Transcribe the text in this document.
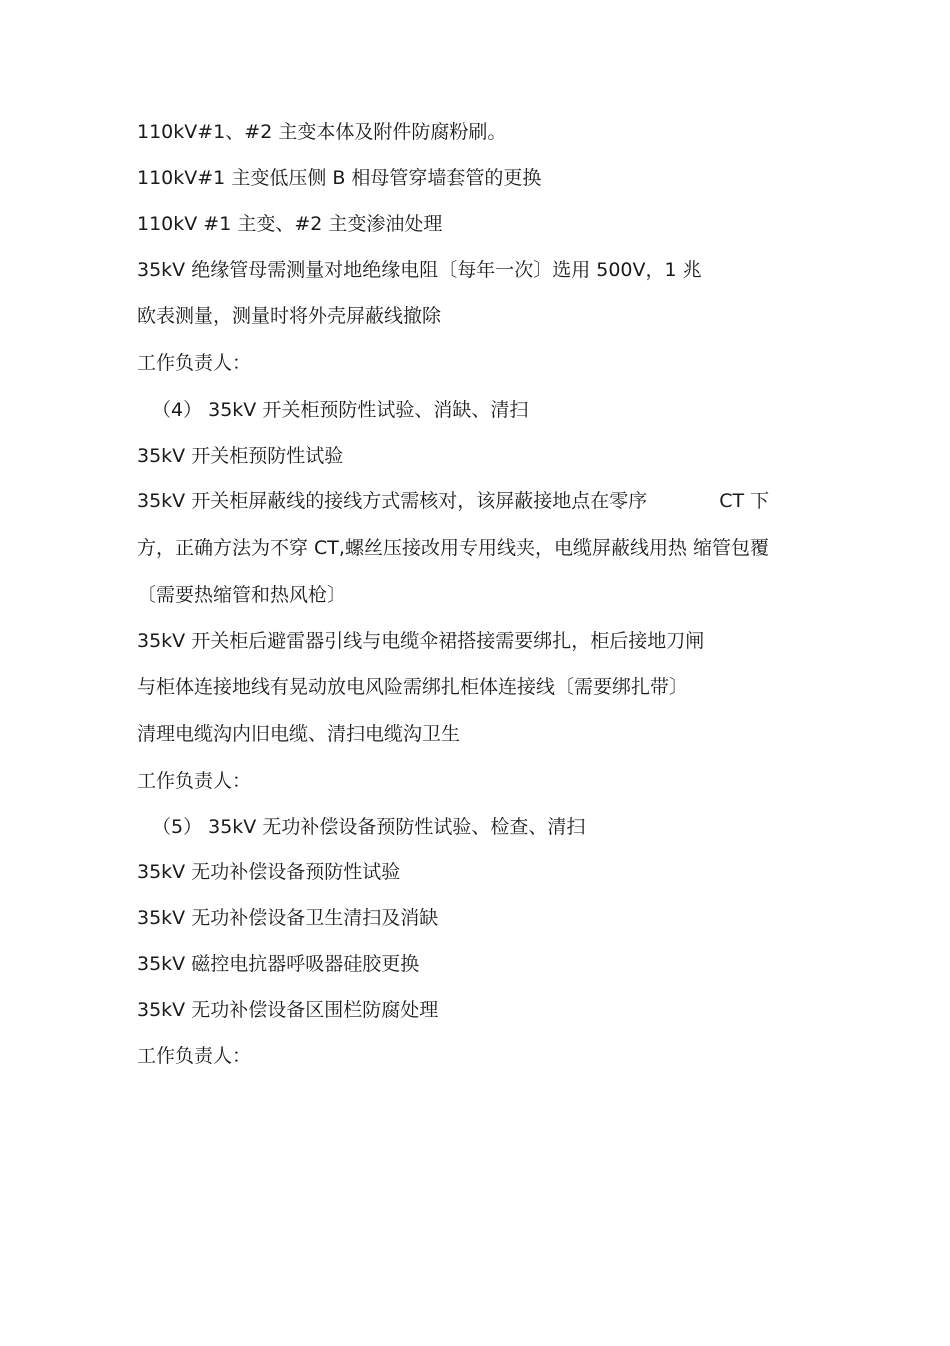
110kV#1、#2 主变本体及附件防腐粉刷。
110kV#1 主变低压侧 B 相母管穿墙套管的更换
110kV #1 主变、#2 主变渗油处理
35kV 绝缘管母需测量对地绝缘电阻〔每年一次〕选用 500V，1 兆
欧表测量，测量时将外壳屏蔽线撤除
工作负责人：
（4） 35kV 开关柜预防性试验、消缺、清扫
35kV 开关柜预防性试验
35kV 开关柜屏蔽线的接线方式需核对，该屏蔽接地点在零序	CT 下
方，正确方法为不穿 CT,螺丝压接改用专用线夹，电缆屏蔽线用热 缩管包覆
〔需要热缩管和热风枪〕
35kV 开关柜后避雷器引线与电缆伞裙搭接需要绑扎，柜后接地刀闸
与柜体连接地线有晃动放电风险需绑扎柜体连接线〔需要绑扎带〕
清理电缆沟内旧电缆、清扫电缆沟卫生
工作负责人：
（5） 35kV 无功补偿设备预防性试验、检查、清扫
35kV 无功补偿设备预防性试验
35kV 无功补偿设备卫生清扫及消缺
35kV 磁控电抗器呼吸器硅胶更换
35kV 无功补偿设备区围栏防腐处理
工作负责人：
